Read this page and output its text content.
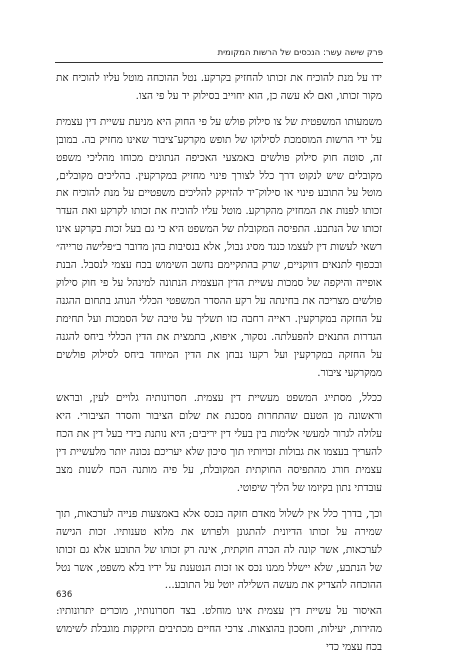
פרק שישה עשר: הנכסים של הרשות המקומית

ידו על מנת להוכיח את זכותו להחזיק בקרקע. נטל ההוכחה מוטל עליו להוכיח את מקור זכותו, ואם לא עשה כן, הוא יחוייב בסילוק יד על פי הצו.

משמעותו המשפטית של צו סילוק פולש על פי החוק היא מניעת עשיית דין עצמית על ידי הרשות המוסמכת לסילוקו של תופש מקרקע־ציבור שאינו מחזיק בה. במובן זה, סוטה חוק סילוק פולשים באמצעי האכיפה הנתונים מכוחו מהליכי משפט מקובלים שיש לנקוט דרך כלל לצורך פינוי מחזיק במקרקעין. בהליכים מקובלים, מוטל על התובע פינוי או סילוק־יד להזיקק להליכים משפטיים על מנת להוכיח את זכותו לפנות את המחזיק מהקרקע. מוטל עליו להוכיח את זכותו לקרקע ואת העדר זכותו של הנתבע. התפיסה המקובלת של המשפט היא כי גם בעל זכות בקרקע אינו רשאי לעשות דין לעצמו כנגד מסיג גבול, אלא בנסיבות בהן מדובר ב״פלישה טרייה״ ובכפוף לתנאים דווקניים, שרק בהתקיימם נחשב השימוש בכח עצמי לנסבל. הבנת אופייה והיקפה של סמכות עשיית הדין העצמית הנתונה למינהל על פי חוק סילוק פולשים מצריכה את בחינתה על רקע ההסדר המשפטי הכללי הנוהג בתחום ההגנה על החזקה במקרקעין. ראייה רחבה כזו תשליך על טיבה של הסמכות ועל תחימת הגדרות התנאים להפעלתה. נסקור, איפוא, בתמצית את הדין הכללי ביחס להגנה על החזקה במקרקעין ועל רקעו נבחן את הדין המיוחד ביחס לסילוק פולשים ממקרקעי ציבור.

ככלל, מסתייג המשפט מעשיית דין עצמית. חסרונותיה גלויים לעין, ובראש וראשונה מן הטעם שהתחרות מסכנת את שלום הציבור והסדר הציבורי. היא עלולה לגרור למעשי אלימות בין בעלי דין יריבים; היא נותנת בידי בעל דין את הכח להעריך בעצמו את גבולות זכויותיו תוך סיכון שלא יעריכם נכונה יותר מלעשיית דין עצמית חורג מהתפיסה החוקתית המקובלת, על פיה מותנה הכח לשנות מצב עובדתי נתון בקיומו של הליך שיפוטי.

וכך, בדרך כלל אין לשלול מאדם חזקה בנכס אלא באמצעות פנייה לערכאות, תוך שמירה על זכותו הדיונית להתגונן ולפרוש את מלוא טענותיו. זכות הגישה לערכאות, אשר קונה לה הכרה חוקתית, אינה רק זכותו של התובע אלא גם זכותו של הנתבע, שלא יישלל ממנו נכס או זכות הנטענת על ידיו בלא משפט, אשר נטל ההוכחה להצדיק את מעשה השלילה יוטל על התובע...

האיסור על עשיית דין עצמית אינו מוחלט. בצד חסרונותיו, מוכרים יתרונותיו: מהירות, יעילות, וחסכון בהוצאות. צרכי החיים מכתיבים היזקקות מוגבלת לשימוש בכח עצמי כדי

636
